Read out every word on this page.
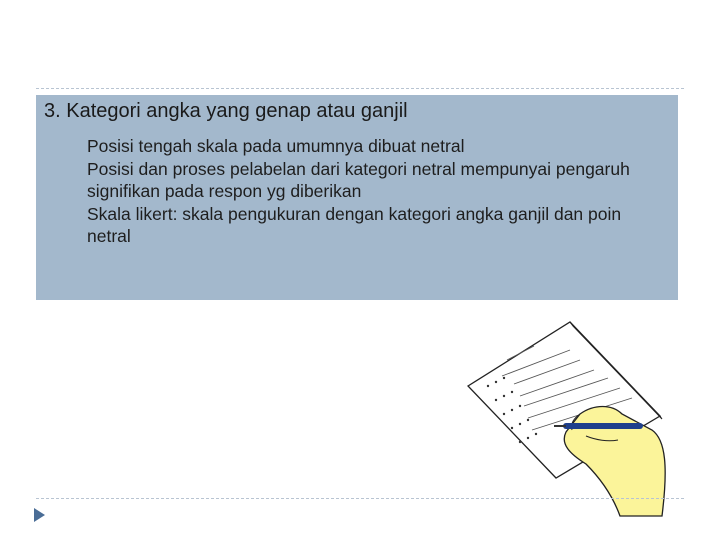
3. Kategori angka yang genap atau ganjil

Posisi tengah skala pada umumnya dibuat netral

Posisi dan proses pelabelan dari kategori netral mempunyai pengaruh signifikan pada respon yg diberikan

Skala likert: skala pengukuran dengan kategori angka ganjil dan poin netral
